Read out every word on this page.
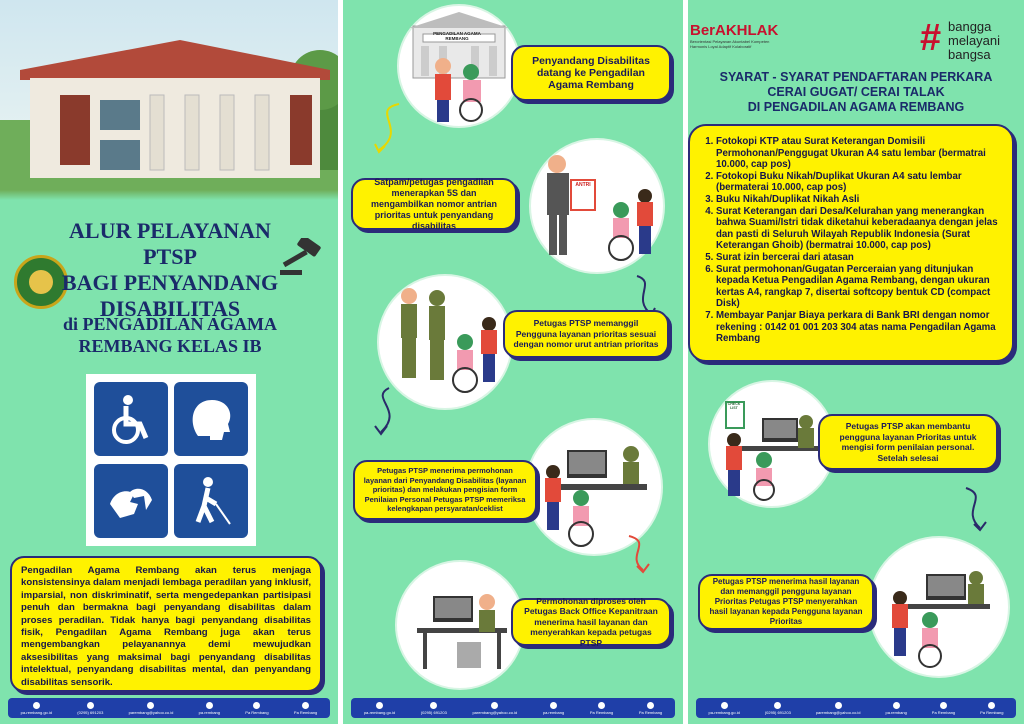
ALUR PELAYANAN PTSP
BAGI PENYANDANG
DISABILITAS
di PENGADILAN AGAMA
REMBANG KELAS IB
Pengadilan Agama Rembang akan terus menjaga konsistensinya dalam menjadi lembaga peradilan yang inklusif, imparsial, non diskriminatif, serta mengedepankan partisipasi penuh dan bermakna bagi penyandang disabilitas dalam proses peradilan. Tidak hanya bagi penyandang disabilitas fisik, Pengadilan Agama Rembang juga akan terus mengembangkan pelayanannya demi mewujudkan aksesibilitas yang maksimal bagi penyandang disabilitas intelektual, penyandang disabilitas mental, dan penyandang disabilitas sensorik.
pa-rembang.go.id	(0295) 691203	parembang@yahoo.co.id	pa.rembang	Pa Rembang	Pa Rembang
PENGADILAN AGAMA REMBANG
Penyandang Disabilitas datang ke Pengadilan Agama Rembang
ANTRI
Satpam/petugas pengadilan menerapkan 5S dan mengambilkan nomor antrian prioritas untuk penyandang disabilitas
Petugas PTSP memanggil Pengguna layanan prioritas sesuai dengan nomor urut antrian prioritas
Petugas PTSP menerima permohonan layanan dari Penyandang Disabilitas (layanan prioritas) dan melakukan pengisian form Penilaian Personal Petugas PTSP memeriksa kelengkapan persyaratan/ceklist
Permohonan diproses oleh Petugas Back Office Kepanitraan menerima hasil layanan dan menyerahkan kepada petugas PTSP
pa-rembang.go.id	(0295) 691203	parembang@yahoo.co.id	pa.rembang	Pa Rembang	Pa Rembang
BerAKHLAK
Berorientasi Pelayanan Akuntabel Kompeten Harmonis Loyal Adaptif Kolaboratif	# bangga
melayani
bangsa
SYARAT - SYARAT PENDAFTARAN PERKARA
CERAI GUGAT/ CERAI TALAK
DI PENGADILAN AGAMA REMBANG
1. Fotokopi KTP atau Surat Keterangan Domisili Permohonan/Penggugat Ukuran A4 satu lembar (bermatrai 10.000, cap pos)
2. Fotokopi Buku Nikah/Duplikat Ukuran A4 satu lembar (bermaterai 10.000, cap pos)
3. Buku Nikah/Duplikat Nikah Asli
4. Surat Keterangan dari Desa/Kelurahan yang menerangkan bahwa Suami/Istri tidak diketahui keberadaanya dengan jelas dan pasti di Seluruh Wilayah Republik Indonesia (Surat Keterangan Ghoib) (bermatrai 10.000, cap pos)
5. Surat izin bercerai dari atasan
6. Surat permohonan/Gugatan Perceraian yang ditunjukan kepada Ketua Pengadilan Agama Rembang, dengan ukuran kertas A4, rangkap 7, disertai softcopy bentuk CD (compact Disk)
7. Membayar Panjar Biaya perkara di Bank BRI dengan nomor rekening : 0142 01 001 203 304 atas nama Pengadilan Agama Rembang
CHECK LIST
Petugas PTSP akan membantu pengguna layanan Prioritas untuk mengisi form penilaian personal. Setelah selesai
Petugas PTSP menerima hasil layanan dan memanggil pengguna layanan Prioritas Petugas PTSP menyerahkan hasil layanan kepada Pengguna layanan Prioritas
pa-rembang.go.id	(0295) 691203	parembang@yahoo.co.id	pa.rembang	Pa Rembang	Pa Rembang
